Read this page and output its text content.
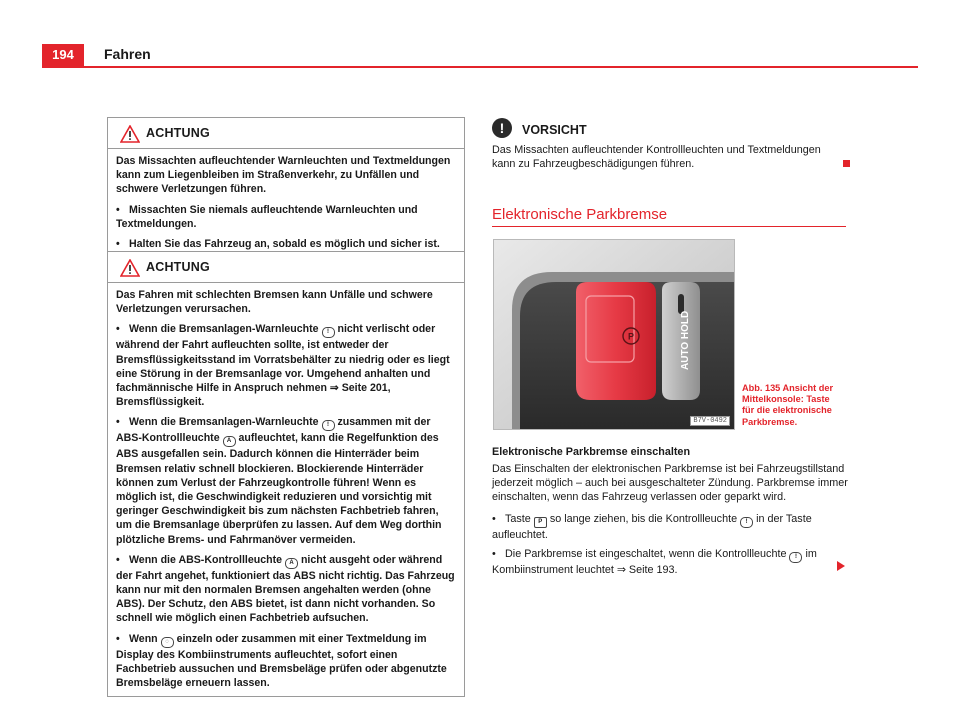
194	Fahren
ACHTUNG

Das Missachten aufleuchtender Warnleuchten und Textmeldungen kann zum Liegenbleiben im Straßenverkehr, zu Unfällen und schwere Verletzungen führen.

• Missachten Sie niemals aufleuchtende Warnleuchten und Textmeldungen.

• Halten Sie das Fahrzeug an, sobald es möglich und sicher ist.

ACHTUNG

Das Fahren mit schlechten Bremsen kann Unfälle und schwere Verletzungen verursachen.

• Wenn die Bremsanlagen-Warnleuchte ! nicht verlischt oder während der Fahrt aufleuchten sollte, ist entweder der Bremsflüssigkeitsstand im Vorratsbehälter zu niedrig oder es liegt eine Störung in der Bremsanlage vor. Umgehend anhalten und fachmännische Hilfe in Anspruch nehmen ⇒ Seite 201, Bremsflüssigkeit.

• Wenn die Bremsanlagen-Warnleuchte ! zusammen mit der ABS-Kontrollleuchte A aufleuchtet, kann die Regelfunktion des ABS ausgefallen sein. Dadurch können die Hinterräder beim Bremsen relativ schnell blockieren. Blockierende Hinterräder können zum Verlust der Fahrzeugkontrolle führen! Wenn es möglich ist, die Geschwindigkeit reduzieren und vorsichtig mit geringer Geschwindigkeit bis zum nächsten Fachbetrieb fahren, um die Bremsanlage überprüfen zu lassen. Auf dem Weg dorthin plötzliche Brems- und Fahrmanöver vermeiden.

• Wenn die ABS-Kontrollleuchte A nicht ausgeht oder während der Fahrt angehet, funktioniert das ABS nicht richtig. Das Fahrzeug kann nur mit den normalen Bremsen angehalten werden (ohne ABS). Der Schutz, den ABS bietet, ist dann nicht vorhanden. So schnell wie möglich einen Fachbetrieb aufsuchen.

• Wenn ◌ einzeln oder zusammen mit einer Textmeldung im Display des Kombiinstruments aufleuchtet, sofort einen Fachbetrieb aussuchen und Bremsbeläge prüfen oder abgenutzte Bremsbeläge erneuern lassen.

!	VORSICHT
Das Missachten aufleuchtender Kontrollleuchten und Textmeldungen kann zu Fahrzeugbeschädigungen führen.
Elektronische Parkbremse
P	AUTO HOLD
B7V-0492
Abb. 135 Ansicht der Mittelkonsole: Taste für die elektronische Parkbremse.
Elektronische Parkbremse einschalten
Das Einschalten der elektronischen Parkbremse ist bei Fahrzeugstillstand jederzeit möglich – auch bei ausgeschalteter Zündung. Parkbremse immer einschalten, wenn das Fahrzeug verlassen oder geparkt wird.
• Taste P so lange ziehen, bis die Kontrollleuchte ! in der Taste aufleuchtet.
• Die Parkbremse ist eingeschaltet, wenn die Kontrollleuchte ! im Kombiinstrument leuchtet ⇒ Seite 193.
